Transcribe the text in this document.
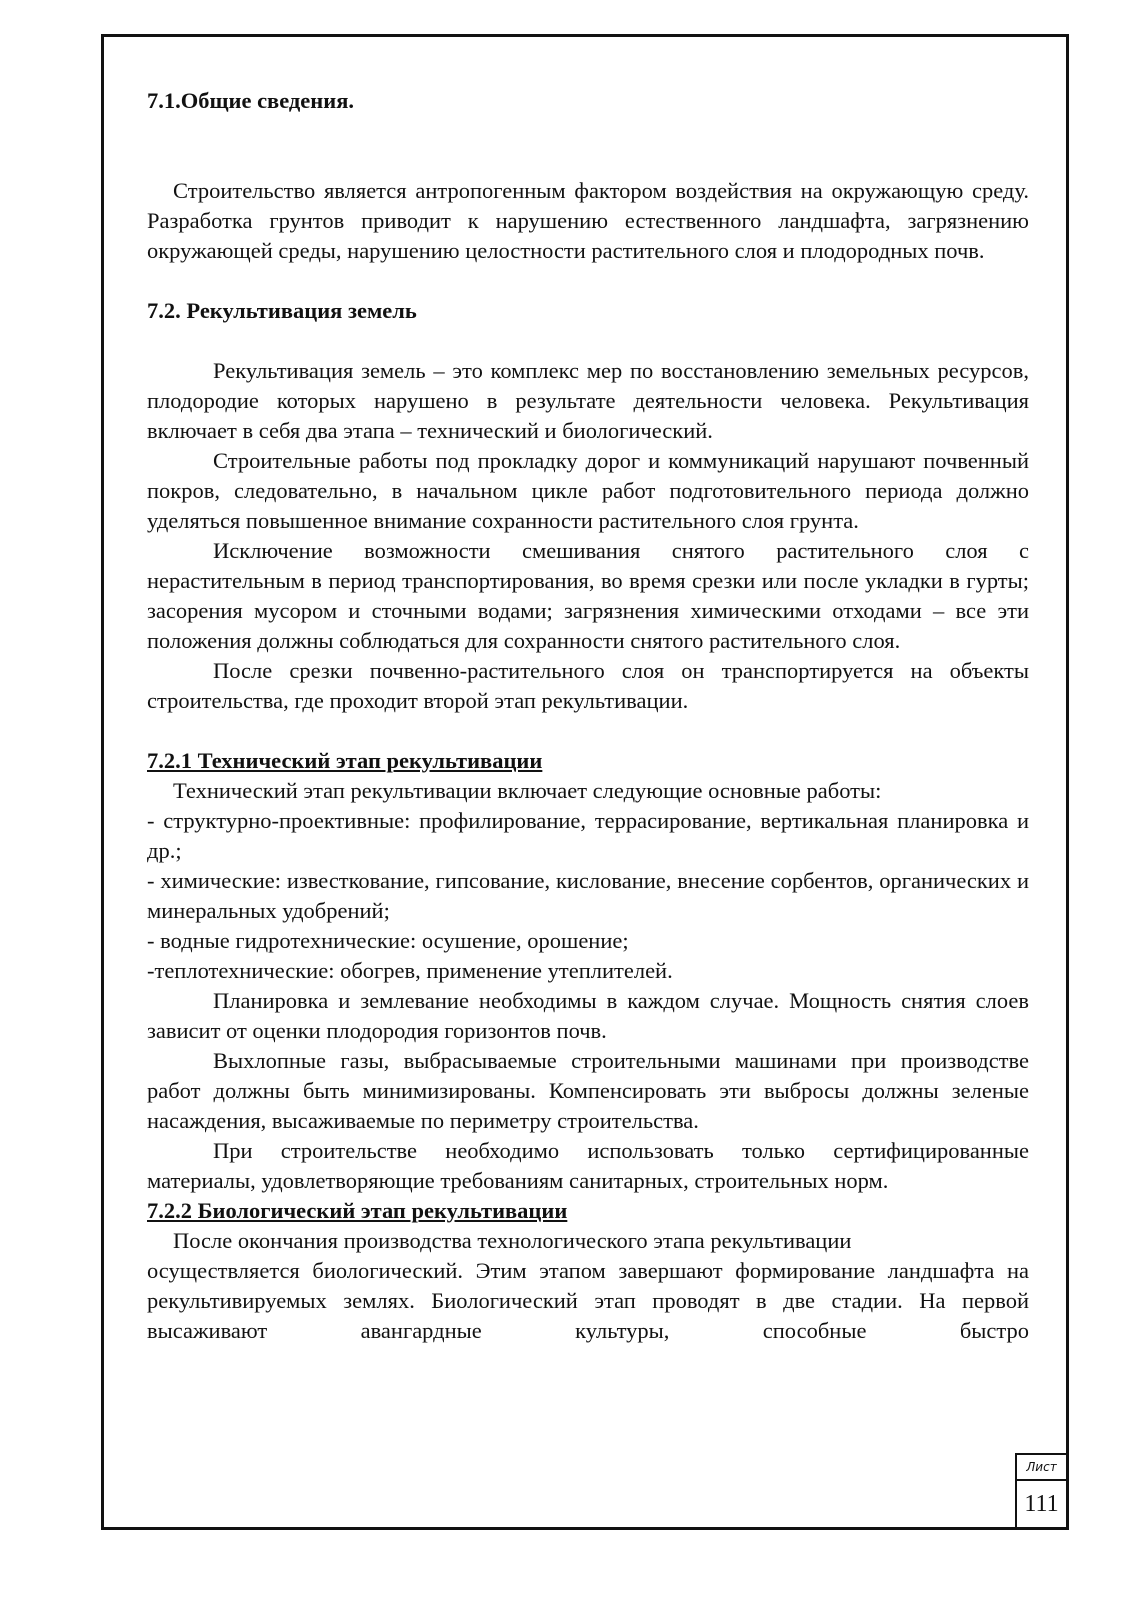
7.1.Общие сведения.

Строительство является антропогенным фактором воздействия на окружающую среду. Разработка грунтов приводит к нарушению естественного ландшафта, загрязнению окружающей среды, нарушению целостности растительного слоя и плодородных почв.

7.2. Рекультивация земель

Рекультивация земель – это комплекс мер по восстановлению земельных ресурсов, плодородие которых нарушено в результате деятельности человека. Рекультивация включает в себя два этапа – технический и биологический.

Строительные работы под прокладку дорог и коммуникаций нарушают почвенный покров, следовательно, в начальном цикле работ подготовительного периода должно уделяться повышенное внимание сохранности растительного слоя грунта.

Исключение возможности смешивания снятого растительного слоя с нерастительным в период транспортирования, во время срезки или после укладки в гурты; засорения мусором и сточными водами; загрязнения химическими отходами – все эти положения должны соблюдаться для сохранности снятого растительного слоя.

После срезки почвенно-растительного слоя он транспортируется на объекты строительства, где проходит второй этап рекультивации.

7.2.1 Технический этап рекультивации

Технический этап рекультивации включает следующие основные работы:

- структурно-проективные: профилирование, террасирование, вертикальная планировка и др.;

- химические: известкование, гипсование, кислование, внесение сорбентов, органических и минеральных удобрений;

- водные гидротехнические: осушение, орошение;

-теплотехнические: обогрев, применение утеплителей.

Планировка и землевание необходимы в каждом случае. Мощность снятия слоев зависит от оценки плодородия горизонтов почв.

Выхлопные газы, выбрасываемые строительными машинами при производстве работ должны быть минимизированы. Компенсировать эти выбросы должны зеленые насаждения, высаживаемые по периметру строительства.

При строительстве необходимо использовать только сертифицированные материалы, удовлетворяющие требованиям санитарных, строительных норм.

7.2.2 Биологический этап рекультивации

После окончания производства технологического этапа рекультивации

осуществляется биологический. Этим этапом завершают формирование ландшафта на рекультивируемых землях. Биологический этап проводят в две стадии. На первой высаживают авангардные культуры, способные быстро

Лист
111
